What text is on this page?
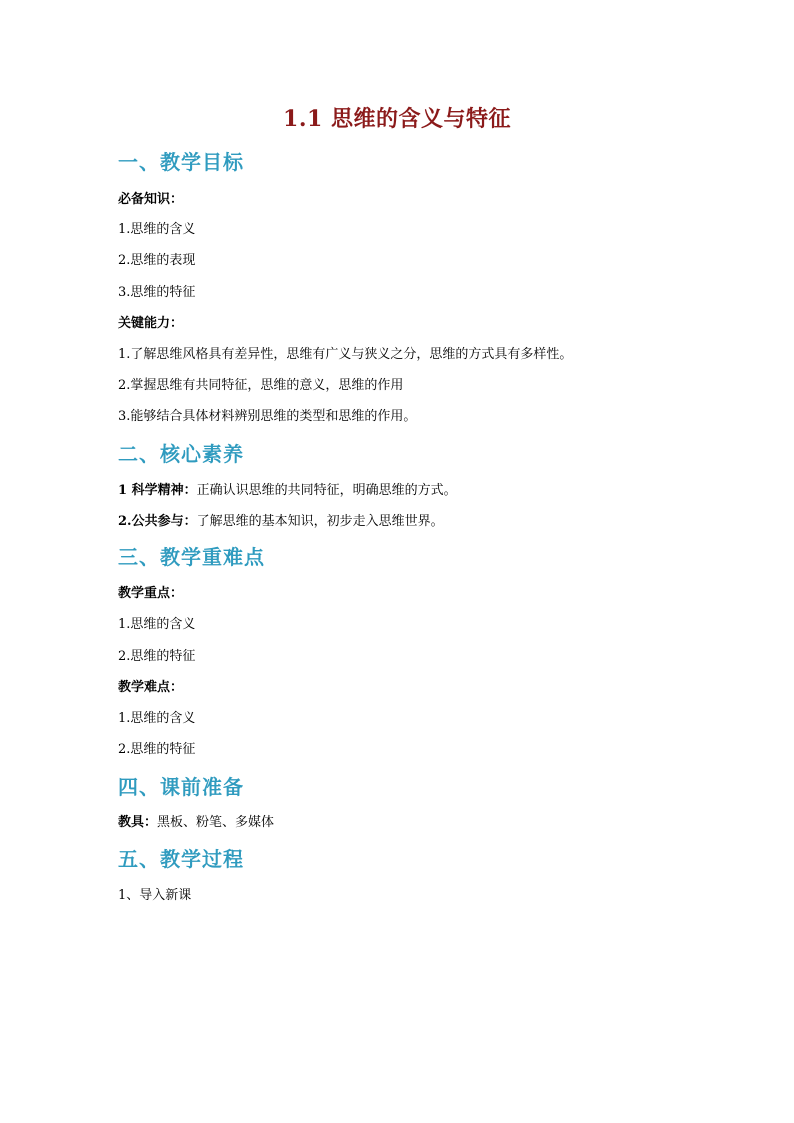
1.1 思维的含义与特征
一、教学目标
必备知识：
1.思维的含义
2.思维的表现
3.思维的特征
关键能力：
1.了解思维风格具有差异性，思维有广义与狭义之分，思维的方式具有多样性。
2.掌握思维有共同特征，思维的意义，思维的作用
3.能够结合具体材料辨别思维的类型和思维的作用。
二、核心素养
1 科学精神：正确认识思维的共同特征，明确思维的方式。
2.公共参与：了解思维的基本知识，初步走入思维世界。
三、教学重难点
教学重点：
1.思维的含义
2.思维的特征
教学难点：
1.思维的含义
2.思维的特征
四、课前准备
教具：黑板、粉笔、多媒体
五、教学过程
1、导入新课
